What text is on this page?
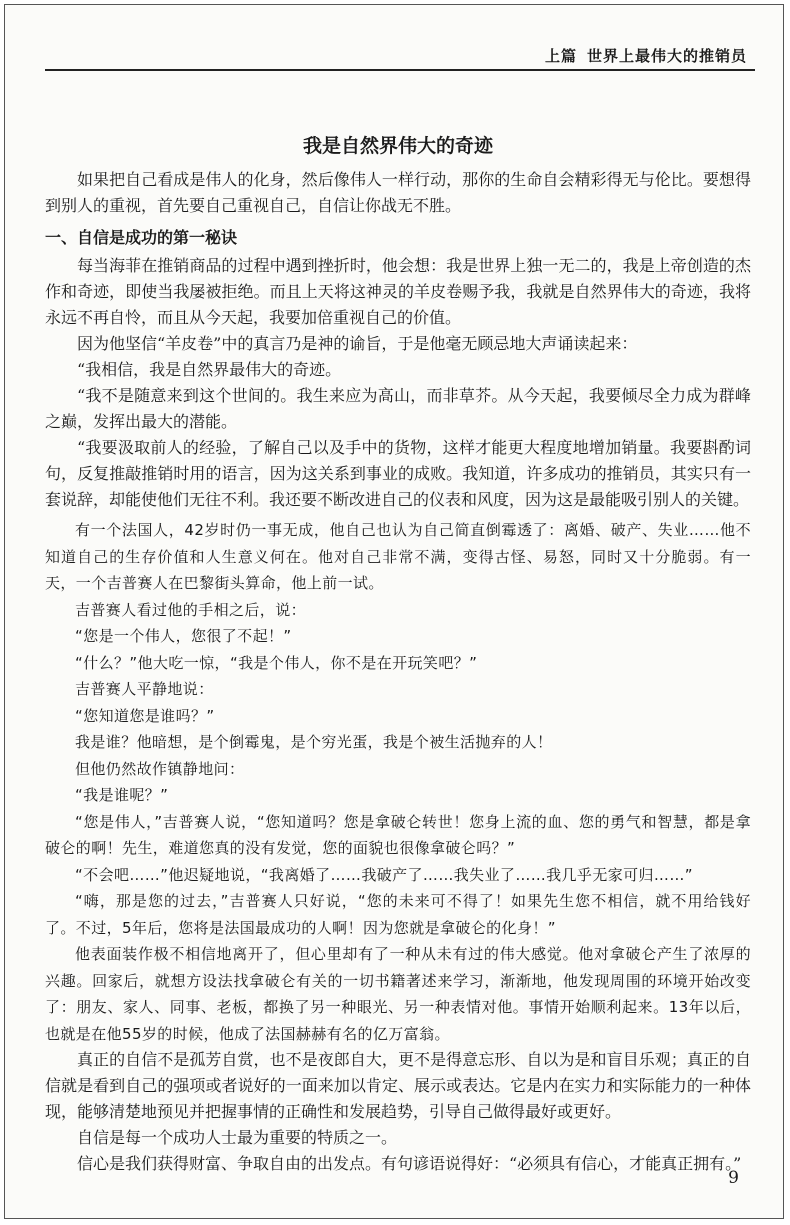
上篇 世界上最伟大的推销员
我是自然界伟大的奇迹

如果把自己看成是伟人的化身，然后像伟人一样行动，那你的生命自会精彩得无与伦比。要想得到别人的重视，首先要自己重视自己，自信让你战无不胜。

一、自信是成功的第一秘诀

每当海菲在推销商品的过程中遇到挫折时，他会想：我是世界上独一无二的，我是上帝创造的杰作和奇迹，即使当我屡被拒绝。而且上天将这神灵的羊皮卷赐予我，我就是自然界伟大的奇迹，我将永远不再自怜，而且从今天起，我要加倍重视自己的价值。

因为他坚信“羊皮卷”中的真言乃是神的谕旨，于是他毫无顾忌地大声诵读起来：

“我相信，我是自然界最伟大的奇迹。

“我不是随意来到这个世间的。我生来应为高山，而非草芥。从今天起，我要倾尽全力成为群峰之巅，发挥出最大的潜能。

“我要汲取前人的经验，了解自己以及手中的货物，这样才能更大程度地增加销量。我要斟酌词句，反复推敲推销时用的语言，因为这关系到事业的成败。我知道，许多成功的推销员，其实只有一套说辞，却能使他们无往不利。我还要不断改进自己的仪表和风度，因为这是最能吸引别人的关键。

有一个法国人，42岁时仍一事无成，他自己也认为自己简直倒霉透了：离婚、破产、失业……他不知道自己的生存价值和人生意义何在。他对自己非常不满，变得古怪、易怒，同时又十分脆弱。有一天，一个吉普赛人在巴黎街头算命，他上前一试。

吉普赛人看过他的手相之后，说：

“您是一个伟人，您很了不起！”

“什么？”他大吃一惊，“我是个伟人，你不是在开玩笑吧？”

吉普赛人平静地说：

“您知道您是谁吗？”

我是谁？他暗想，是个倒霉鬼，是个穷光蛋，我是个被生活抛弃的人！

但他仍然故作镇静地问：

“我是谁呢？”

“您是伟人，”吉普赛人说，“您知道吗？您是拿破仑转世！您身上流的血、您的勇气和智慧，都是拿破仑的啊！先生，难道您真的没有发觉，您的面貌也很像拿破仑吗？”

“不会吧……”他迟疑地说，“我离婚了……我破产了……我失业了……我几乎无家可归……”

“嗨，那是您的过去，”吉普赛人只好说，“您的未来可不得了！如果先生您不相信，就不用给钱好了。不过，5年后，您将是法国最成功的人啊！因为您就是拿破仑的化身！”

他表面装作极不相信地离开了，但心里却有了一种从未有过的伟大感觉。他对拿破仑产生了浓厚的兴趣。回家后，就想方设法找拿破仑有关的一切书籍著述来学习，渐渐地，他发现周围的环境开始改变了：朋友、家人、同事、老板，都换了另一种眼光、另一种表情对他。事情开始顺利起来。13年以后，也就是在他55岁的时候，他成了法国赫赫有名的亿万富翁。

真正的自信不是孤芳自赏，也不是夜郎自大，更不是得意忘形、自以为是和盲目乐观；真正的自信就是看到自己的强项或者说好的一面来加以肯定、展示或表达。它是内在实力和实际能力的一种体现，能够清楚地预见并把握事情的正确性和发展趋势，引导自己做得最好或更好。

自信是每一个成功人士最为重要的特质之一。

信心是我们获得财富、争取自由的出发点。有句谚语说得好：“必须具有信心，才能真正拥有。”

9
